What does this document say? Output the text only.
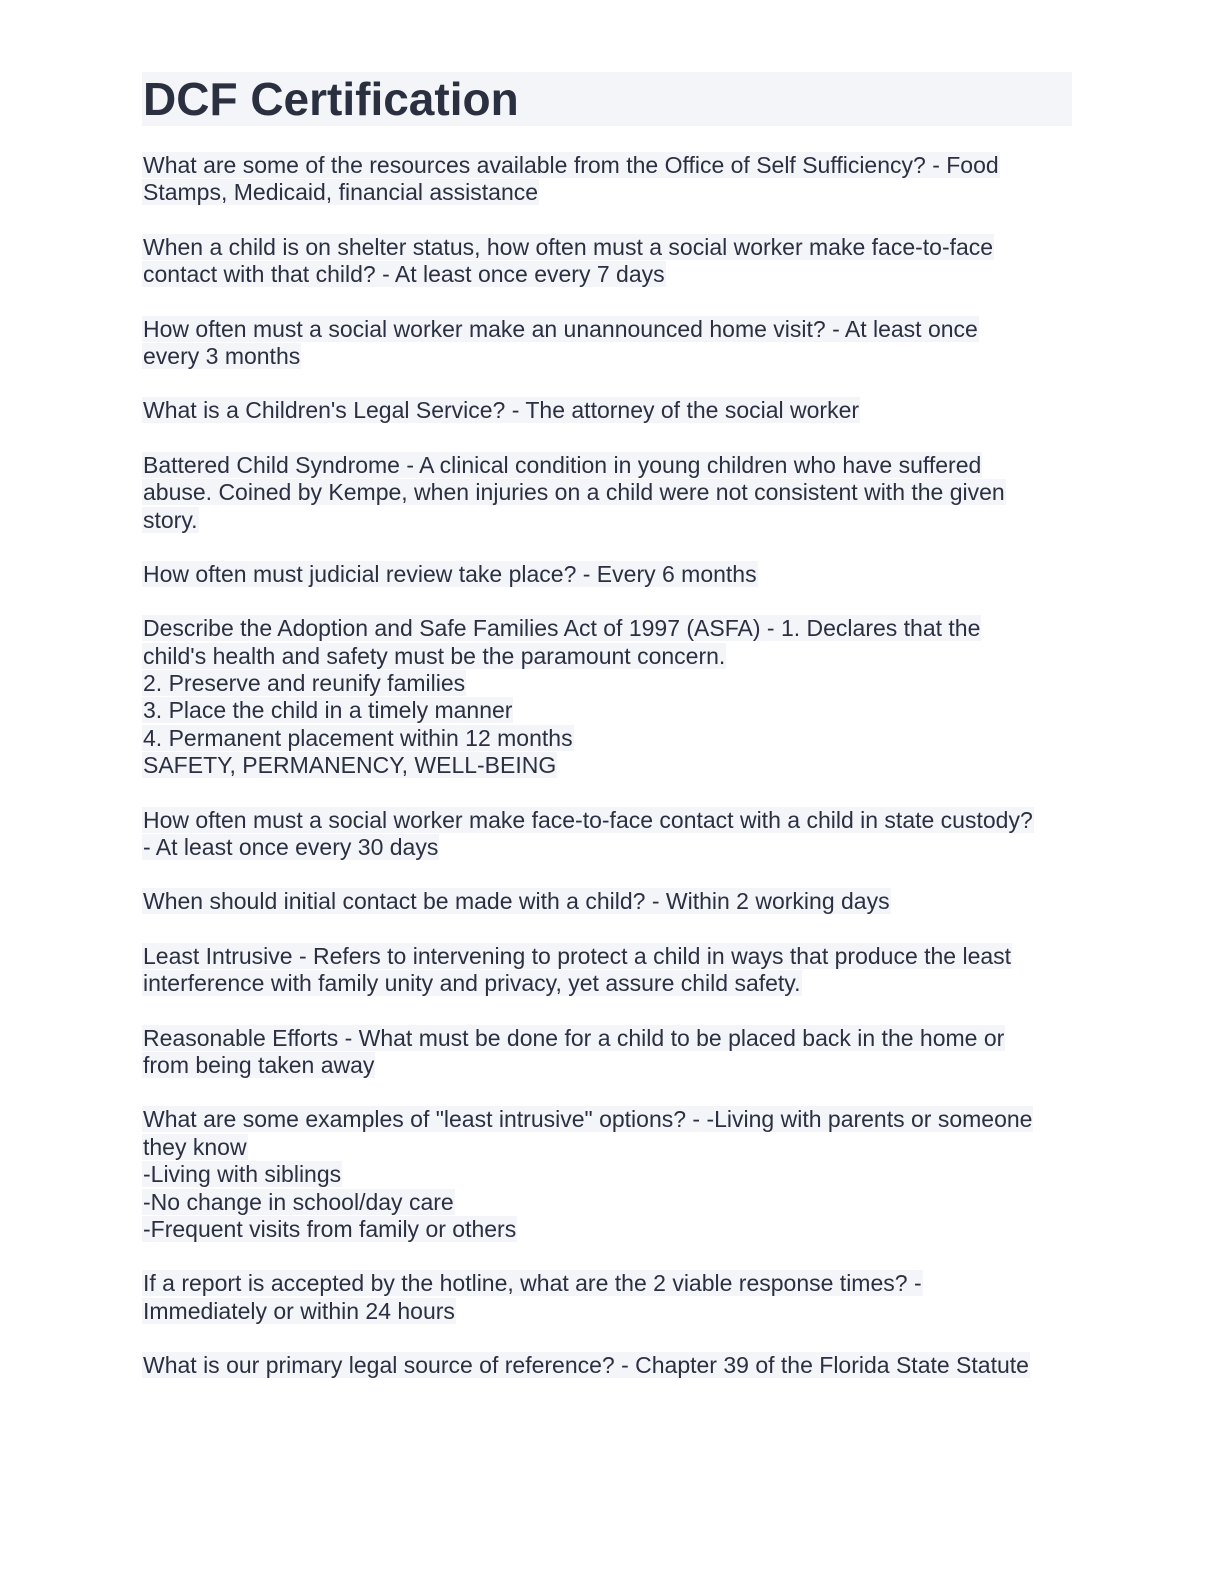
DCF Certification
What are some of the resources available from the Office of Self Sufficiency? - Food
Stamps, Medicaid, financial assistance
When a child is on shelter status, how often must a social worker make face-to-face
contact with that child? - At least once every 7 days
How often must a social worker make an unannounced home visit? - At least once
every 3 months
What is a Children's Legal Service? - The attorney of the social worker
Battered Child Syndrome - A clinical condition in young children who have suffered
abuse. Coined by Kempe, when injuries on a child were not consistent with the given
story.
How often must judicial review take place? - Every 6 months
Describe the Adoption and Safe Families Act of 1997 (ASFA) - 1. Declares that the
child's health and safety must be the paramount concern.
2. Preserve and reunify families
3. Place the child in a timely manner
4. Permanent placement within 12 months
SAFETY, PERMANENCY, WELL-BEING
How often must a social worker make face-to-face contact with a child in state custody?
- At least once every 30 days
When should initial contact be made with a child? - Within 2 working days
Least Intrusive - Refers to intervening to protect a child in ways that produce the least
interference with family unity and privacy, yet assure child safety.
Reasonable Efforts - What must be done for a child to be placed back in the home or
from being taken away
What are some examples of "least intrusive" options? - -Living with parents or someone
they know
-Living with siblings
-No change in school/day care
-Frequent visits from family or others
If a report is accepted by the hotline, what are the 2 viable response times? -
Immediately or within 24 hours
What is our primary legal source of reference? - Chapter 39 of the Florida State Statute
